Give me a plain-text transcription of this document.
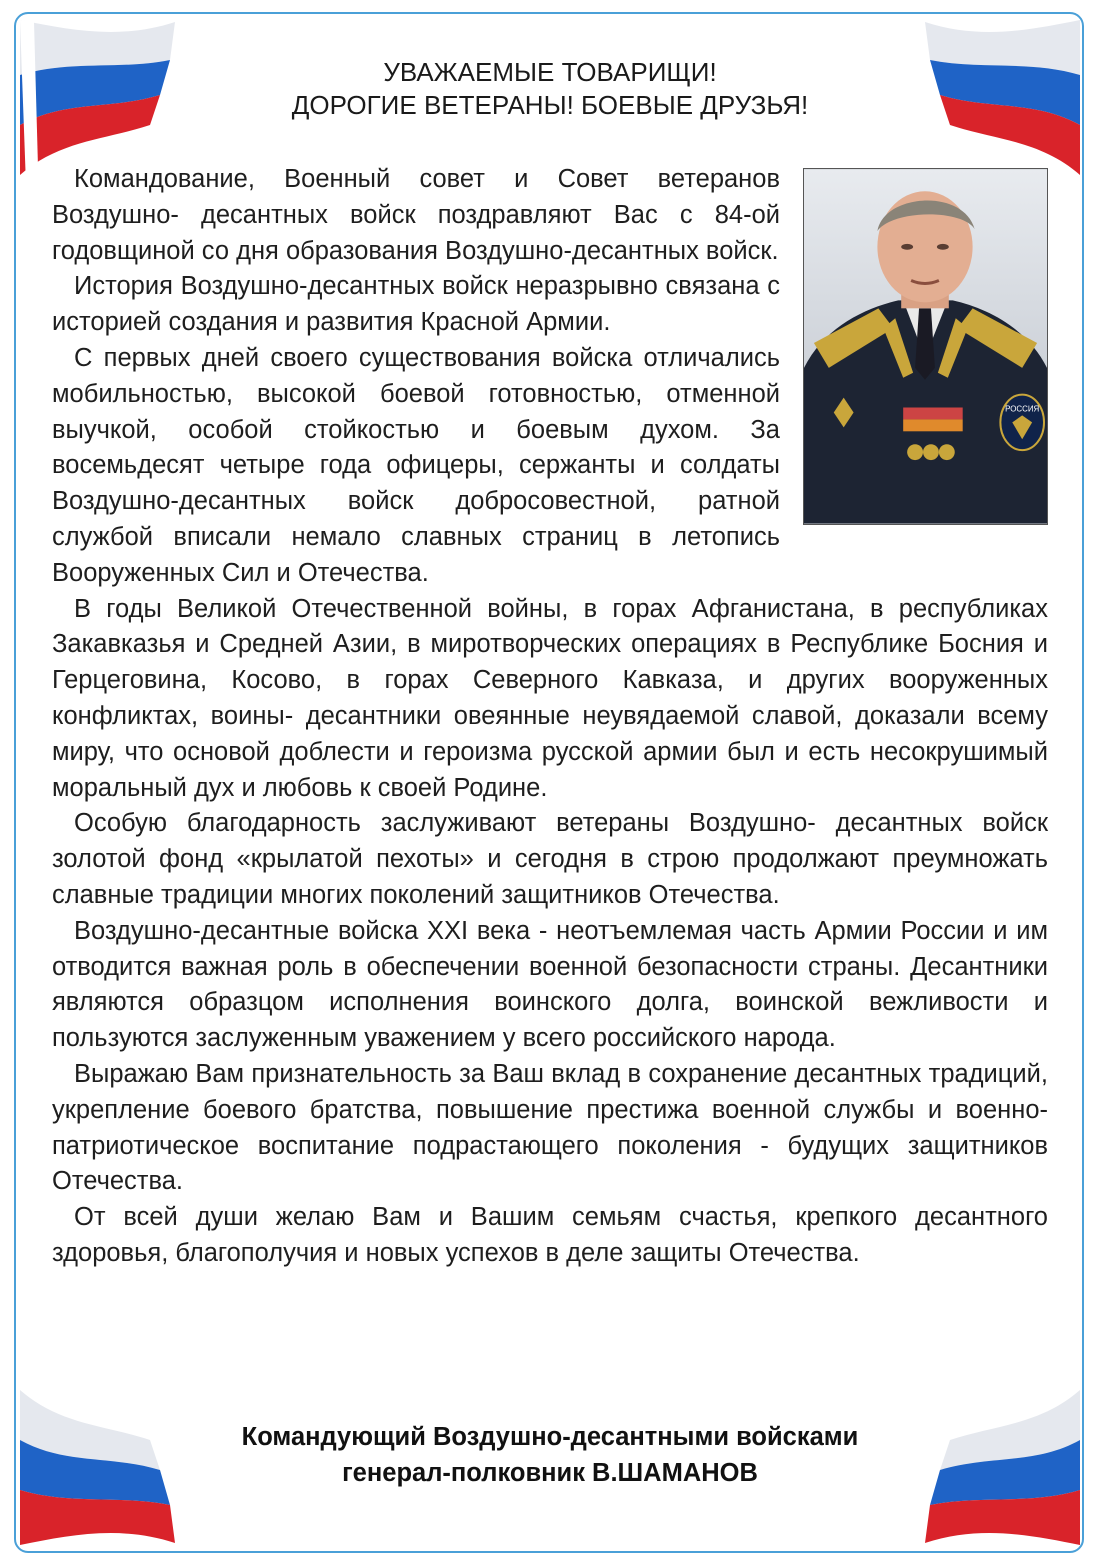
УВАЖАЕМЫЕ ТОВАРИЩИ!
ДОРОГИЕ ВЕТЕРАНЫ! БОЕВЫЕ ДРУЗЬЯ!
РОССИЯ

Командование, Военный совет и Совет ветеранов Воздушно- десантных войск поздравляют Вас с 84-ой годовщиной со дня образования Воздушно-десантных войск.

История Воздушно-десантных войск неразрывно связана с историей создания и развития Красной Армии.

С первых дней своего существования войска отличались мобильностью, высокой боевой готовностью, отменной выучкой, особой стойкостью и боевым духом. За восемьдесят четыре года офицеры, сержанты и солдаты Воздушно-десантных войск добросовестной, ратной службой вписали немало славных страниц в летопись Вооруженных Сил и Отечества.

В годы Великой Отечественной войны, в горах Афганистана, в республиках Закавказья и Средней Азии, в миротворческих операциях в Республике Босния и Герцеговина, Косово, в горах Северного Кавказа, и других вооруженных конфликтах, воины- десантники овеянные неувядаемой славой, доказали всему миру, что основой доблести и героизма русской армии был и есть несокрушимый моральный дух и любовь к своей Родине.

Особую благодарность заслуживают ветераны Воздушно- десантных войск золотой фонд «крылатой пехоты» и сегодня в строю продолжают преумножать славные традиции многих поколений защитников Отечества.

Воздушно-десантные войска XXI века - неотъемлемая часть Армии России и им отводится важная роль в обеспечении военной безопасности страны. Десантники являются образцом исполнения воинского долга, воинской вежливости и пользуются заслуженным уважением у всего российского народа.

Выражаю Вам признательность за Ваш вклад в сохранение десантных традиций, укрепление боевого братства, повышение престижа военной службы и военно-патриотическое воспитание подрастающего поколения - будущих защитников Отечества.

От всей души желаю Вам и Вашим семьям счастья, крепкого десантного здоровья, благополучия и новых успехов в деле защиты Отечества.

Командующий Воздушно-десантными войсками
генерал-полковник В.ШАМАНОВ
